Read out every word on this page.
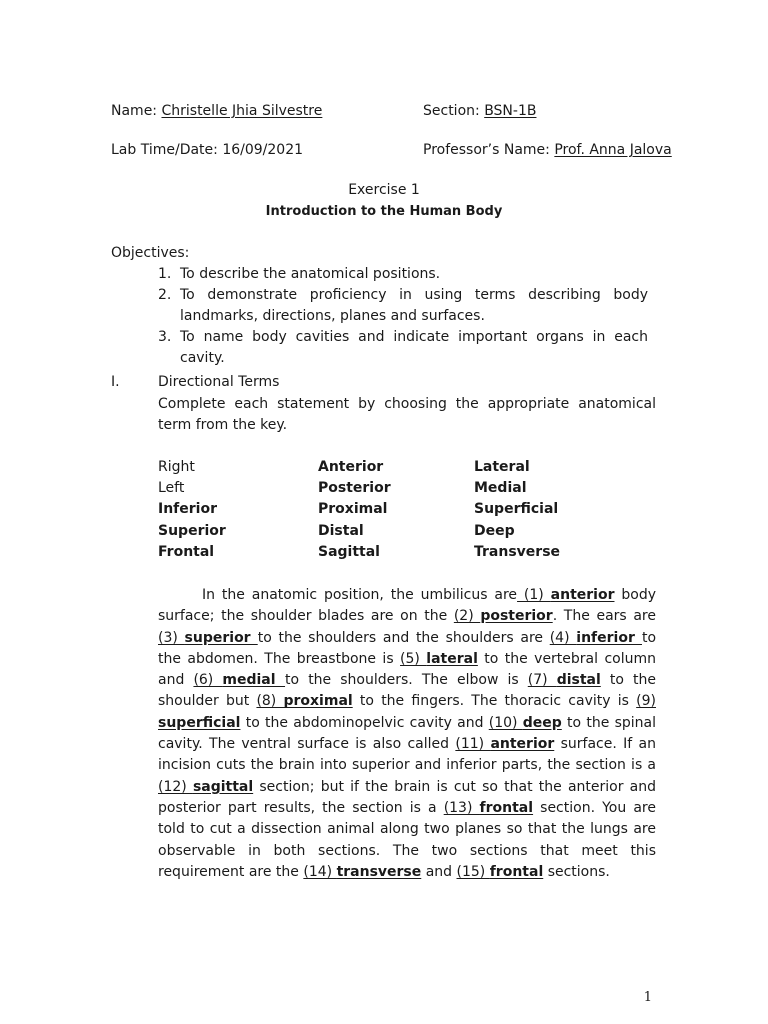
Name: Christelle Jhia Silvestre	Section: BSN-1B
Lab Time/Date: 16/09/2021	Professor’s Name: Prof. Anna Jalova
Exercise 1
Introduction to the Human Body
Objectives:
1. To describe the anatomical positions.
2. To demonstrate proficiency in using terms describing body landmarks, directions, planes and surfaces.
3. To name body cavities and indicate important organs in each cavity.
I.	Directional Terms

Complete each statement by choosing the appropriate anatomical term from the key.

Right	Anterior	Lateral
Left	Posterior	Medial
Inferior	Proximal	Superficial
Superior	Distal	Deep
Frontal	Sagittal	Transverse

In the anatomic position, the umbilicus are (1) anterior body surface; the shoulder blades are on the (2) posterior. The ears are (3) superior to the shoulders and the shoulders are (4) inferior to the abdomen. The breastbone is (5) lateral to the vertebral column and (6) medial to the shoulders. The elbow is (7) distal to the shoulder but (8) proximal to the fingers. The thoracic cavity is (9) superficial to the abdominopelvic cavity and (10) deep to the spinal cavity. The ventral surface is also called (11) anterior surface. If an incision cuts the brain into superior and inferior parts, the section is a (12) sagittal section; but if the brain is cut so that the anterior and posterior part results, the section is a (13) frontal section. You are told to cut a dissection animal along two planes so that the lungs are observable in both sections. The two sections that meet this requirement are the (14) transverse and (15) frontal sections.

1
